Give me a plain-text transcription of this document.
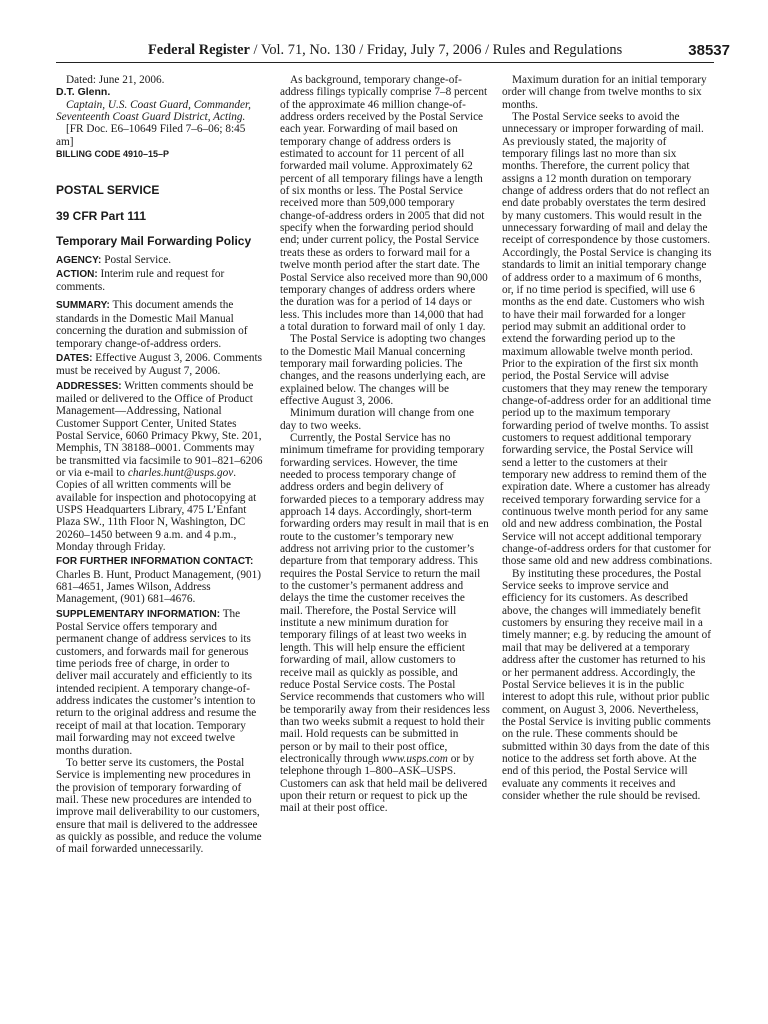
Federal Register / Vol. 71, No. 130 / Friday, July 7, 2006 / Rules and Regulations	38537

Dated: June 21, 2006.

D.T. Glenn.

Captain, U.S. Coast Guard, Commander, Seventeenth Coast Guard District, Acting.

[FR Doc. E6–10649 Filed 7–6–06; 8:45 am]

BILLING CODE 4910–15–P

POSTAL SERVICE

39 CFR Part 111

Temporary Mail Forwarding Policy

AGENCY: Postal Service.

ACTION: Interim rule and request for comments.

SUMMARY: This document amends the standards in the Domestic Mail Manual concerning the duration and submission of temporary change-of-address orders.

DATES: Effective August 3, 2006. Comments must be received by August 7, 2006.

ADDRESSES: Written comments should be mailed or delivered to the Office of Product Management—Addressing, National Customer Support Center, United States Postal Service, 6060 Primacy Pkwy, Ste. 201, Memphis, TN 38188–0001. Comments may be transmitted via facsimile to 901–821–6206 or via e-mail to charles.hunt@usps.gov. Copies of all written comments will be available for inspection and photocopying at USPS Headquarters Library, 475 L’Enfant Plaza SW., 11th Floor N, Washington, DC 20260–1450 between 9 a.m. and 4 p.m., Monday through Friday.

FOR FURTHER INFORMATION CONTACT:
Charles B. Hunt, Product Management, (901) 681–4651, James Wilson, Address Management, (901) 681–4676.

SUPPLEMENTARY INFORMATION: The Postal Service offers temporary and permanent change of address services to its customers, and forwards mail for generous time periods free of charge, in order to deliver mail accurately and efficiently to its intended recipient. A temporary change-of-address indicates the customer’s intention to return to the original address and resume the receipt of mail at that location. Temporary mail forwarding may not exceed twelve months duration.

To better serve its customers, the Postal Service is implementing new procedures in the provision of temporary forwarding of mail. These new procedures are intended to improve mail deliverability to our customers, ensure that mail is delivered to the addressee as quickly as possible, and reduce the volume of mail forwarded unnecessarily.

As background, temporary change-of-address filings typically comprise 7–8 percent of the approximate 46 million change-of-address orders received by the Postal Service each year. Forwarding of mail based on temporary change of address orders is estimated to account for 11 percent of all forwarded mail volume. Approximately 62 percent of all temporary filings have a length of six months or less. The Postal Service received more than 509,000 temporary change-of-address orders in 2005 that did not specify when the forwarding period should end; under current policy, the Postal Service treats these as orders to forward mail for a twelve month period after the start date. The Postal Service also received more than 90,000 temporary changes of address orders where the duration was for a period of 14 days or less. This includes more than 14,000 that had a total duration to forward mail of only 1 day.

The Postal Service is adopting two changes to the Domestic Mail Manual concerning temporary mail forwarding policies. The changes, and the reasons underlying each, are explained below. The changes will be effective August 3, 2006.

Minimum duration will change from one day to two weeks.

Currently, the Postal Service has no minimum timeframe for providing temporary forwarding services. However, the time needed to process temporary change of address orders and begin delivery of forwarded pieces to a temporary address may approach 14 days. Accordingly, short-term forwarding orders may result in mail that is en route to the customer’s temporary new address not arriving prior to the customer’s departure from that temporary address. This requires the Postal Service to return the mail to the customer’s permanent address and delays the time the customer receives the mail. Therefore, the Postal Service will institute a new minimum duration for temporary filings of at least two weeks in length. This will help ensure the efficient forwarding of mail, allow customers to receive mail as quickly as possible, and reduce Postal Service costs. The Postal Service recommends that customers who will be temporarily away from their residences less than two weeks submit a request to hold their mail. Hold requests can be submitted in person or by mail to their post office, electronically through www.usps.com or by telephone through 1–800–ASK–USPS. Customers can ask that held mail be delivered upon their return or request to pick up the mail at their post office.

Maximum duration for an initial temporary order will change from twelve months to six months.

The Postal Service seeks to avoid the unnecessary or improper forwarding of mail. As previously stated, the majority of temporary filings last no more than six months. Therefore, the current policy that assigns a 12 month duration on temporary change of address orders that do not reflect an end date probably overstates the term desired by many customers. This would result in the unnecessary forwarding of mail and delay the receipt of correspondence by those customers. Accordingly, the Postal Service is changing its standards to limit an initial temporary change of address order to a maximum of 6 months, or, if no time period is specified, will use 6 months as the end date. Customers who wish to have their mail forwarded for a longer period may submit an additional order to extend the forwarding period up to the maximum allowable twelve month period. Prior to the expiration of the first six month period, the Postal Service will advise customers that they may renew the temporary change-of-address order for an additional time period up to the maximum temporary forwarding period of twelve months. To assist customers to request additional temporary forwarding service, the Postal Service will send a letter to the customers at their temporary new address to remind them of the expiration date. Where a customer has already received temporary forwarding service for a continuous twelve month period for any same old and new address combination, the Postal Service will not accept additional temporary change-of-address orders for that customer for those same old and new address combinations.

By instituting these procedures, the Postal Service seeks to improve service and efficiency for its customers. As described above, the changes will immediately benefit customers by ensuring they receive mail in a timely manner; e.g. by reducing the amount of mail that may be delivered at a temporary address after the customer has returned to his or her permanent address. Accordingly, the Postal Service believes it is in the public interest to adopt this rule, without prior public comment, on August 3, 2006. Nevertheless, the Postal Service is inviting public comments on the rule. These comments should be submitted within 30 days from the date of this notice to the address set forth above. At the end of this period, the Postal Service will evaluate any comments it receives and consider whether the rule should be revised.
